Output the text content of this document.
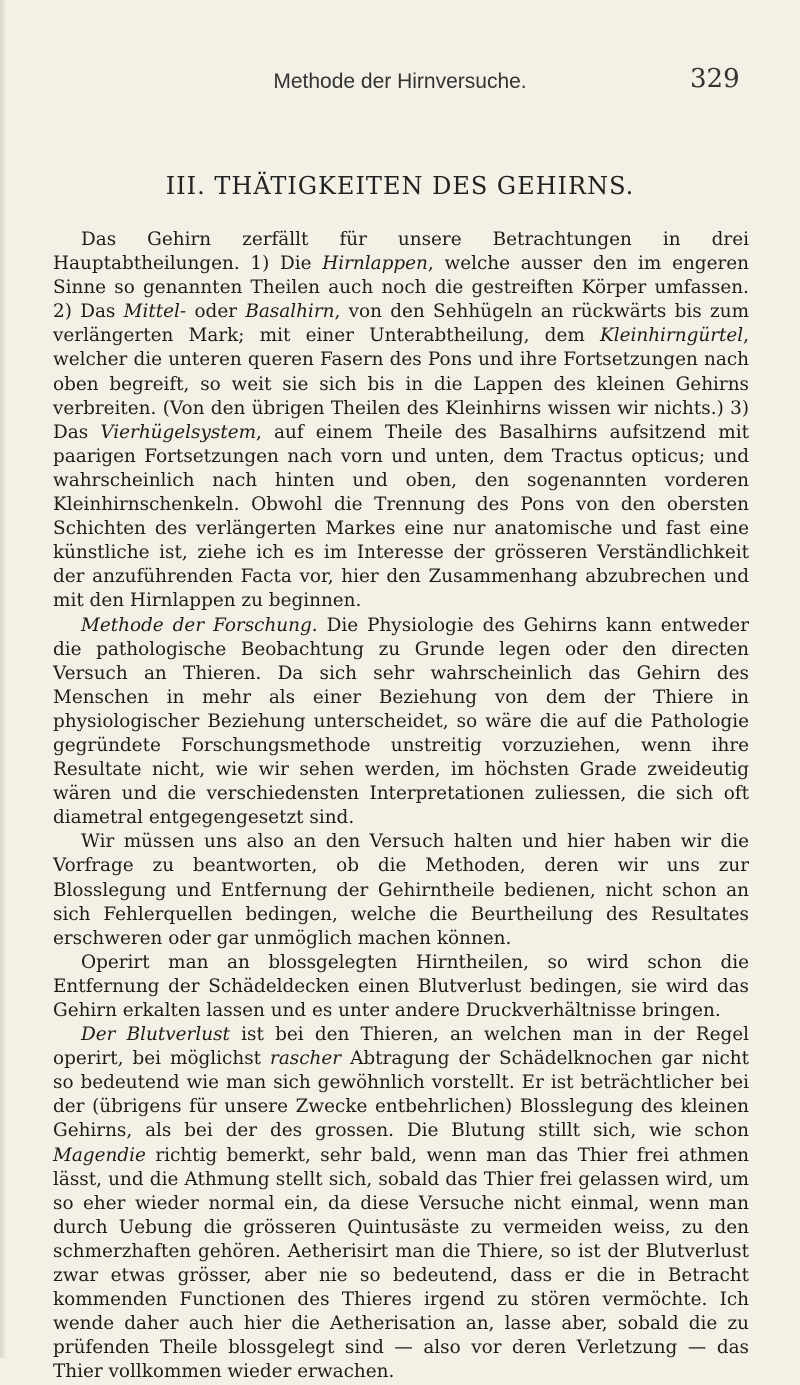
Methode der Hirnversuche.	329
III. THÄTIGKEITEN DES GEHIRNS.

Das Gehirn zerfällt für unsere Betrachtungen in drei Hauptabtheilungen. 1) Die Hirnlappen, welche ausser den im engeren Sinne so genannten Theilen auch noch die gestreiften Körper umfassen. 2) Das Mittel- oder Basalhirn, von den Sehhügeln an rückwärts bis zum verlängerten Mark; mit einer Unterabtheilung, dem Kleinhirngürtel, welcher die unteren queren Fasern des Pons und ihre Fortsetzungen nach oben begreift, so weit sie sich bis in die Lappen des kleinen Gehirns verbreiten. (Von den übrigen Theilen des Kleinhirns wissen wir nichts.) 3) Das Vierhügelsystem, auf einem Theile des Basalhirns aufsitzend mit paarigen Fortsetzungen nach vorn und unten, dem Tractus opticus; und wahrscheinlich nach hinten und oben, den sogenannten vorderen Kleinhirnschenkeln. Obwohl die Trennung des Pons von den obersten Schichten des verlängerten Markes eine nur anatomische und fast eine künstliche ist, ziehe ich es im Interesse der grösseren Verständlichkeit der anzuführenden Facta vor, hier den Zusammenhang abzubrechen und mit den Hirnlappen zu beginnen.

Methode der Forschung. Die Physiologie des Gehirns kann entweder die pathologische Beobachtung zu Grunde legen oder den directen Versuch an Thieren. Da sich sehr wahrscheinlich das Gehirn des Menschen in mehr als einer Beziehung von dem der Thiere in physiologischer Beziehung unterscheidet, so wäre die auf die Pathologie gegründete Forschungsmethode unstreitig vorzuziehen, wenn ihre Resultate nicht, wie wir sehen werden, im höchsten Grade zweideutig wären und die verschiedensten Interpretationen zuliessen, die sich oft diametral entgegengesetzt sind.

Wir müssen uns also an den Versuch halten und hier haben wir die Vorfrage zu beantworten, ob die Methoden, deren wir uns zur Blosslegung und Entfernung der Gehirntheile bedienen, nicht schon an sich Fehlerquellen bedingen, welche die Beurtheilung des Resultates erschweren oder gar unmöglich machen können.

Operirt man an blossgelegten Hirntheilen, so wird schon die Entfernung der Schädeldecken einen Blutverlust bedingen, sie wird das Gehirn erkalten lassen und es unter andere Druckverhältnisse bringen.

Der Blutverlust ist bei den Thieren, an welchen man in der Regel operirt, bei möglichst rascher Abtragung der Schädelknochen gar nicht so bedeutend wie man sich gewöhnlich vorstellt. Er ist beträchtlicher bei der (übrigens für unsere Zwecke entbehrlichen) Blosslegung des kleinen Gehirns, als bei der des grossen. Die Blutung stillt sich, wie schon Magendie richtig bemerkt, sehr bald, wenn man das Thier frei athmen lässt, und die Athmung stellt sich, sobald das Thier frei gelassen wird, um so eher wieder normal ein, da diese Versuche nicht einmal, wenn man durch Uebung die grösseren Quintusäste zu vermeiden weiss, zu den schmerzhaften gehören. Aetherisirt man die Thiere, so ist der Blutverlust zwar etwas grösser, aber nie so bedeutend, dass er die in Betracht kommenden Functionen des Thieres irgend zu stören vermöchte. Ich wende daher auch hier die Aetherisation an, lasse aber, sobald die zu prüfenden Theile blossgelegt sind — also vor deren Verletzung — das Thier vollkommen wieder erwachen.
